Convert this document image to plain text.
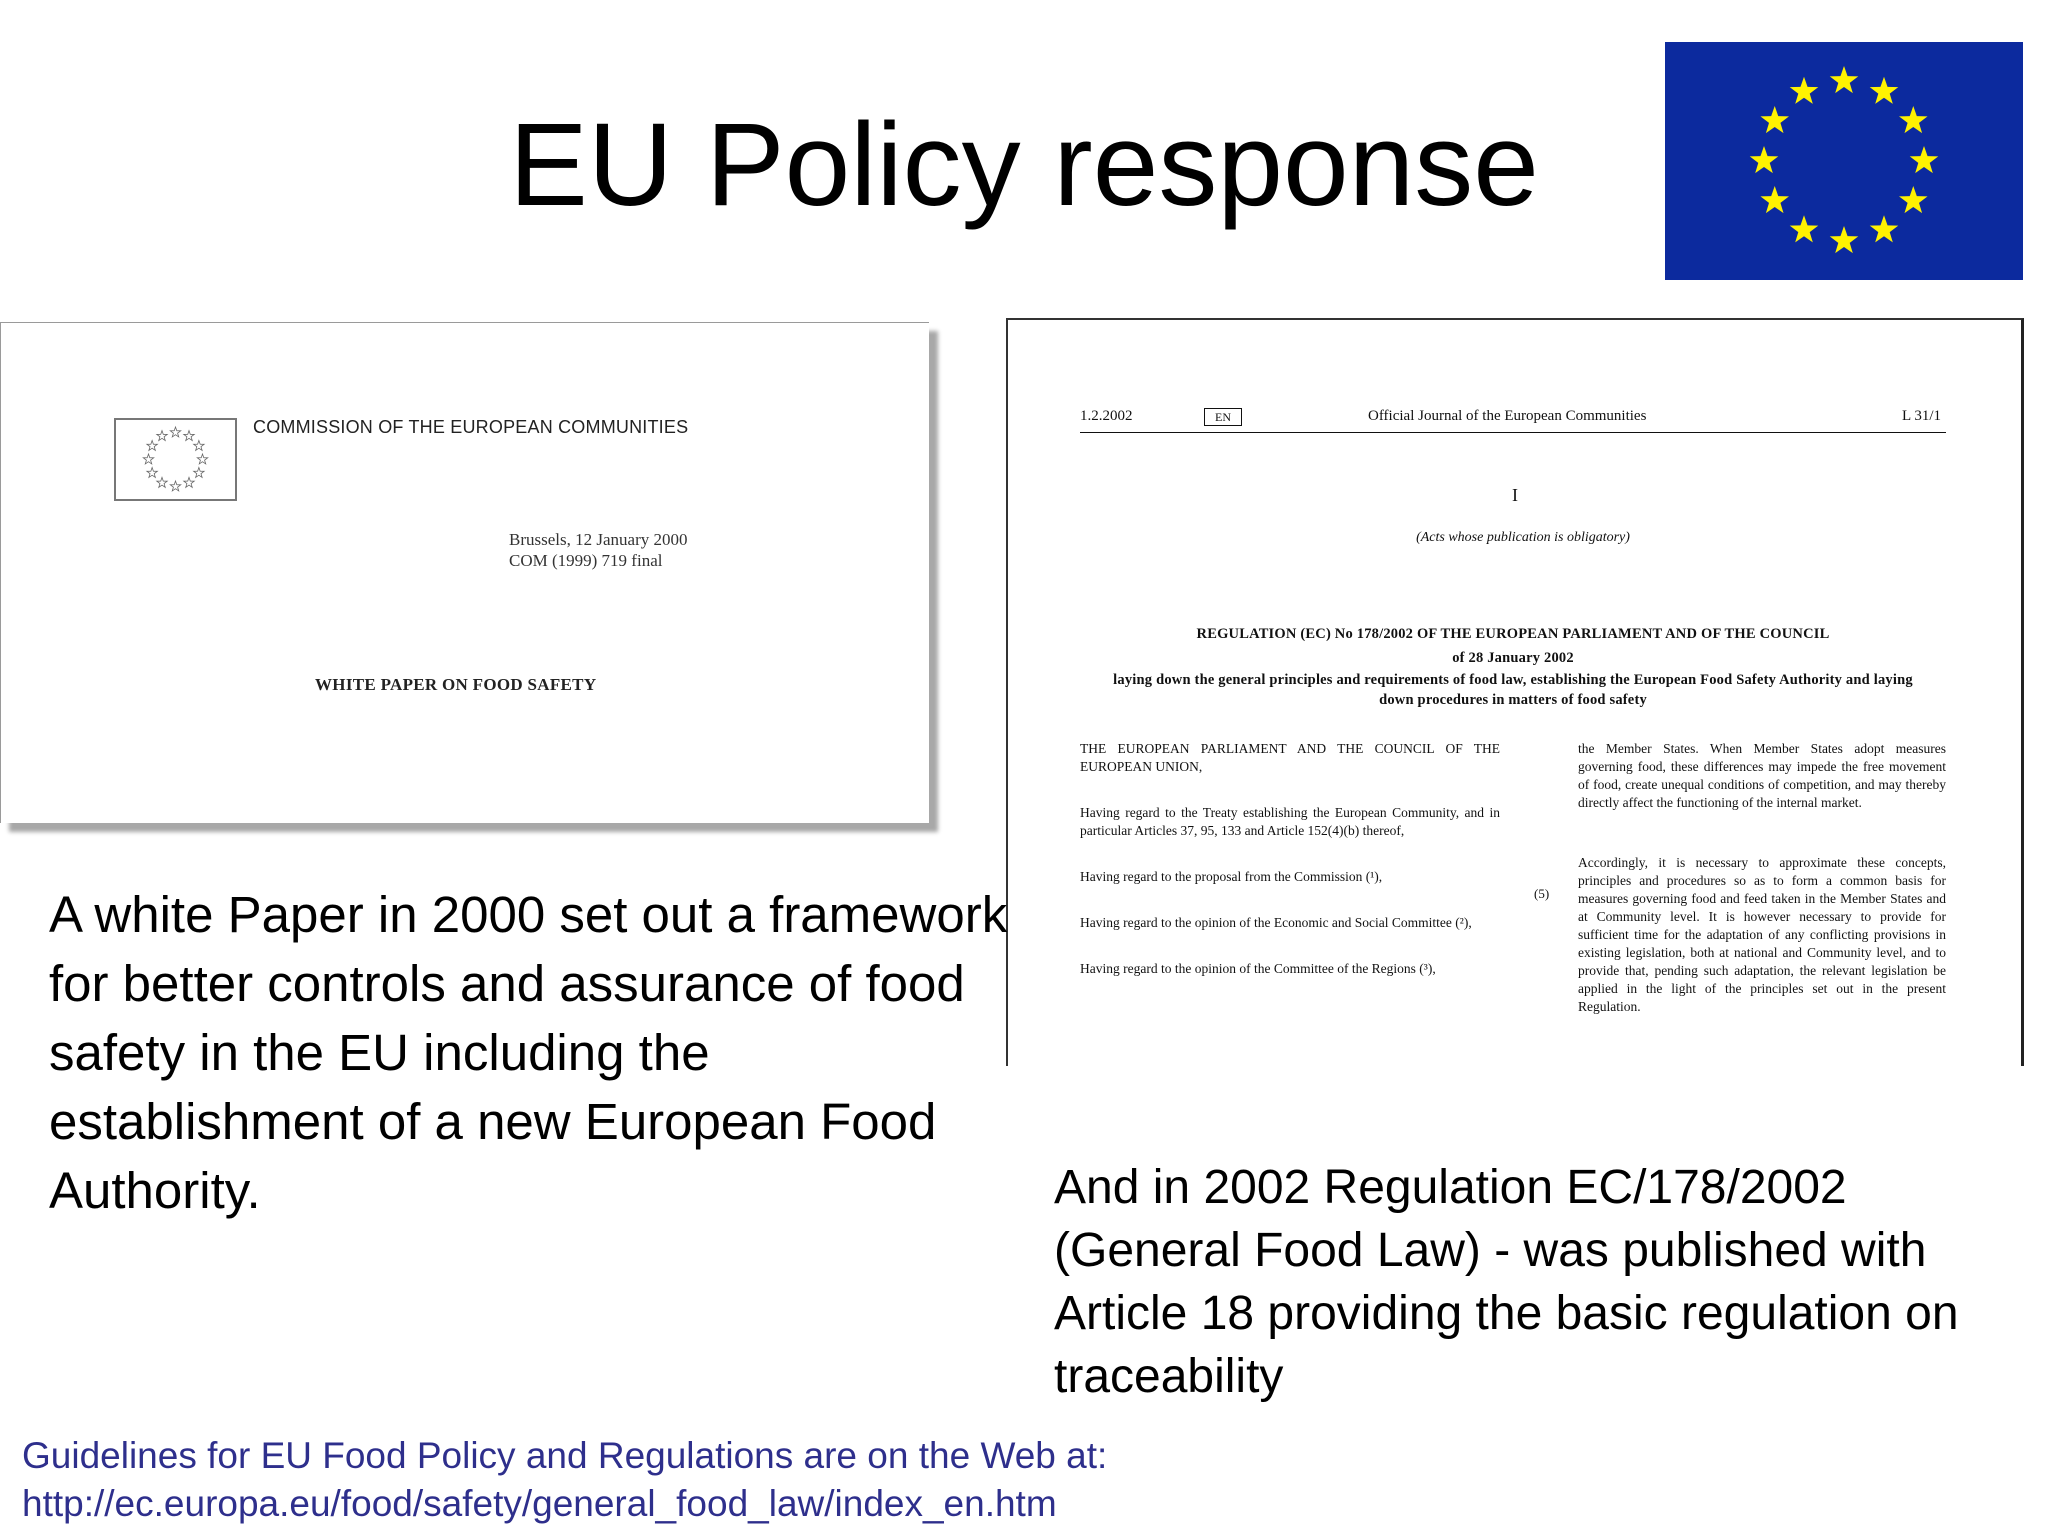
EU Policy response
COMMISSION OF THE EUROPEAN COMMUNITIES
Brussels, 12 January 2000
COM (1999) 719 final
WHITE PAPER ON FOOD SAFETY
1.2.2002	EN	Official Journal of the European Communities	L 31/1
I
(Acts whose publication is obligatory)
REGULATION (EC) No 178/2002 OF THE EUROPEAN PARLIAMENT AND OF THE COUNCIL
of 28 January 2002
laying down the general principles and requirements of food law, establishing the European Food Safety Authority and laying down procedures in matters of food safety

THE EUROPEAN PARLIAMENT AND THE COUNCIL OF THE EUROPEAN UNION,

Having regard to the Treaty establishing the European Community, and in particular Articles 37, 95, 133 and Article 152(4)(b) thereof,

Having regard to the proposal from the Commission (¹),

Having regard to the opinion of the Economic and Social Committee (²),

Having regard to the opinion of the Committee of the Regions (³),

(5)

the Member States. When Member States adopt measures governing food, these differences may impede the free movement of food, create unequal conditions of competition, and may thereby directly affect the functioning of the internal market.

Accordingly, it is necessary to approximate these concepts, principles and procedures so as to form a common basis for measures governing food and feed taken in the Member States and at Community level. It is however necessary to provide for sufficient time for the adaptation of any conflicting provisions in existing legislation, both at national and Community level, and to provide that, pending such adaptation, the relevant legislation be applied in the light of the principles set out in the present Regulation.

A white Paper in 2000 set out a framework for better controls and assurance of food safety in the EU including the establishment of a new European Food Authority.	And in 2002 Regulation EC/178/2002 (General Food Law) - was published with Article 18 providing the basic regulation on traceability
Guidelines for EU Food Policy and Regulations are on the Web at:
http://ec.europa.eu/food/safety/general_food_law/index_en.htm
